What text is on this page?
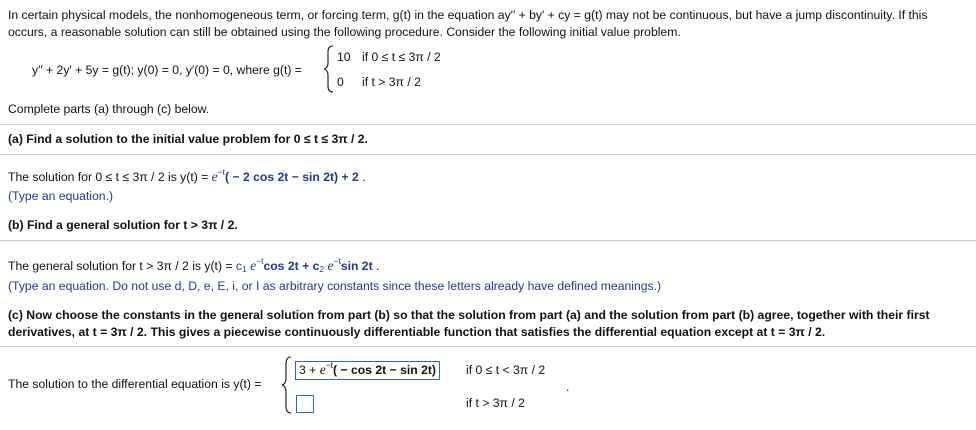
In certain physical models, the nonhomogeneous term, or forcing term, g(t) in the equation ay′′ + by′ + cy = g(t) may not be continuous, but have a jump discontinuity. If this occurs, a reasonable solution can still be obtained using the following procedure. Consider the following initial value problem.
y′′ + 2y′ + 5y = g(t); y(0) = 0, y′(0) = 0, where g(t) =
10 if 0 ≤ t ≤ 3π / 2
0 if t > 3π / 2
Complete parts (a) through (c) below.
(a) Find a solution to the initial value problem for 0 ≤ t ≤ 3π / 2.
The solution for 0 ≤ t ≤ 3π / 2 is $y(t) = e^{-t}( - 2$ cos 2t − sin 2t) + 2 .
(Type an equation.)
(b) Find a general solution for t > 3π / 2.
The general solution for t > 3π / 2 is $y(t) = c_1$ $e^{-t}\cos$ $2t + c_2$ $e^{-t}\sin$ 2t .
(Type an equation. Do not use d, D, e, E, i, or I as arbitrary constants since these letters already have defined meanings.)
(c) Now choose the constants in the general solution from part (b) so that the solution from part (a) and the solution from part (b) agree, together with their first derivatives, at t = 3π / 2. This gives a piecewise continuously differentiable function that satisfies the differential equation except at t = 3π / 2.
The solution to the differential equation is y(t) =
$3 + e^{-t}( - \cos 2t - \sin 2t)$	if 0 ≤ t < 3π / 2
if t > 3π / 2
.
